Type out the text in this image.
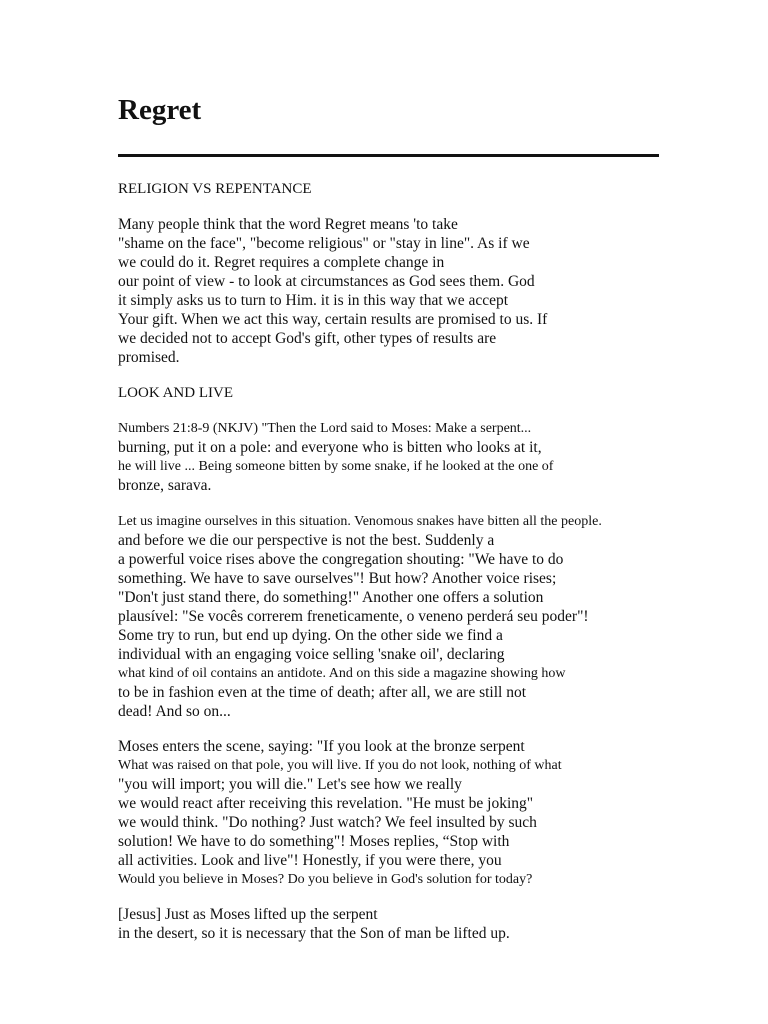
Regret
RELIGION VS REPENTANCE
Many people think that the word Regret means 'to take
"shame on the face", "become religious" or "stay in line". As if we
we could do it. Regret requires a complete change in
our point of view - to look at circumstances as God sees them. God
it simply asks us to turn to Him. it is in this way that we accept
Your gift. When we act this way, certain results are promised to us. If
we decided not to accept God's gift, other types of results are
promised.
LOOK AND LIVE
Numbers 21:8-9 (NKJV) "Then the Lord said to Moses: Make a serpent...
burning, put it on a pole: and everyone who is bitten who looks at it,
he will live ... Being someone bitten by some snake, if he looked at the one of
bronze, sarava.
Let us imagine ourselves in this situation. Venomous snakes have bitten all the people.
and before we die our perspective is not the best. Suddenly a
a powerful voice rises above the congregation shouting: "We have to do
something. We have to save ourselves"! But how? Another voice rises;
"Don't just stand there, do something!" Another one offers a solution
plausível: "Se vocês correrem freneticamente, o veneno perderá seu poder"!
Some try to run, but end up dying. On the other side we find a
individual with an engaging voice selling 'snake oil', declaring
what kind of oil contains an antidote. And on this side a magazine showing how
to be in fashion even at the time of death; after all, we are still not
dead! And so on...
Moses enters the scene, saying: "If you look at the bronze serpent
What was raised on that pole, you will live. If you do not look, nothing of what
"you will import; you will die." Let's see how we really
we would react after receiving this revelation. "He must be joking"
we would think. "Do nothing? Just watch? We feel insulted by such
solution! We have to do something"! Moses replies, “Stop with
all activities. Look and live"! Honestly, if you were there, you
Would you believe in Moses? Do you believe in God's solution for today?
[Jesus] Just as Moses lifted up the serpent
in the desert, so it is necessary that the Son of man be lifted up.
